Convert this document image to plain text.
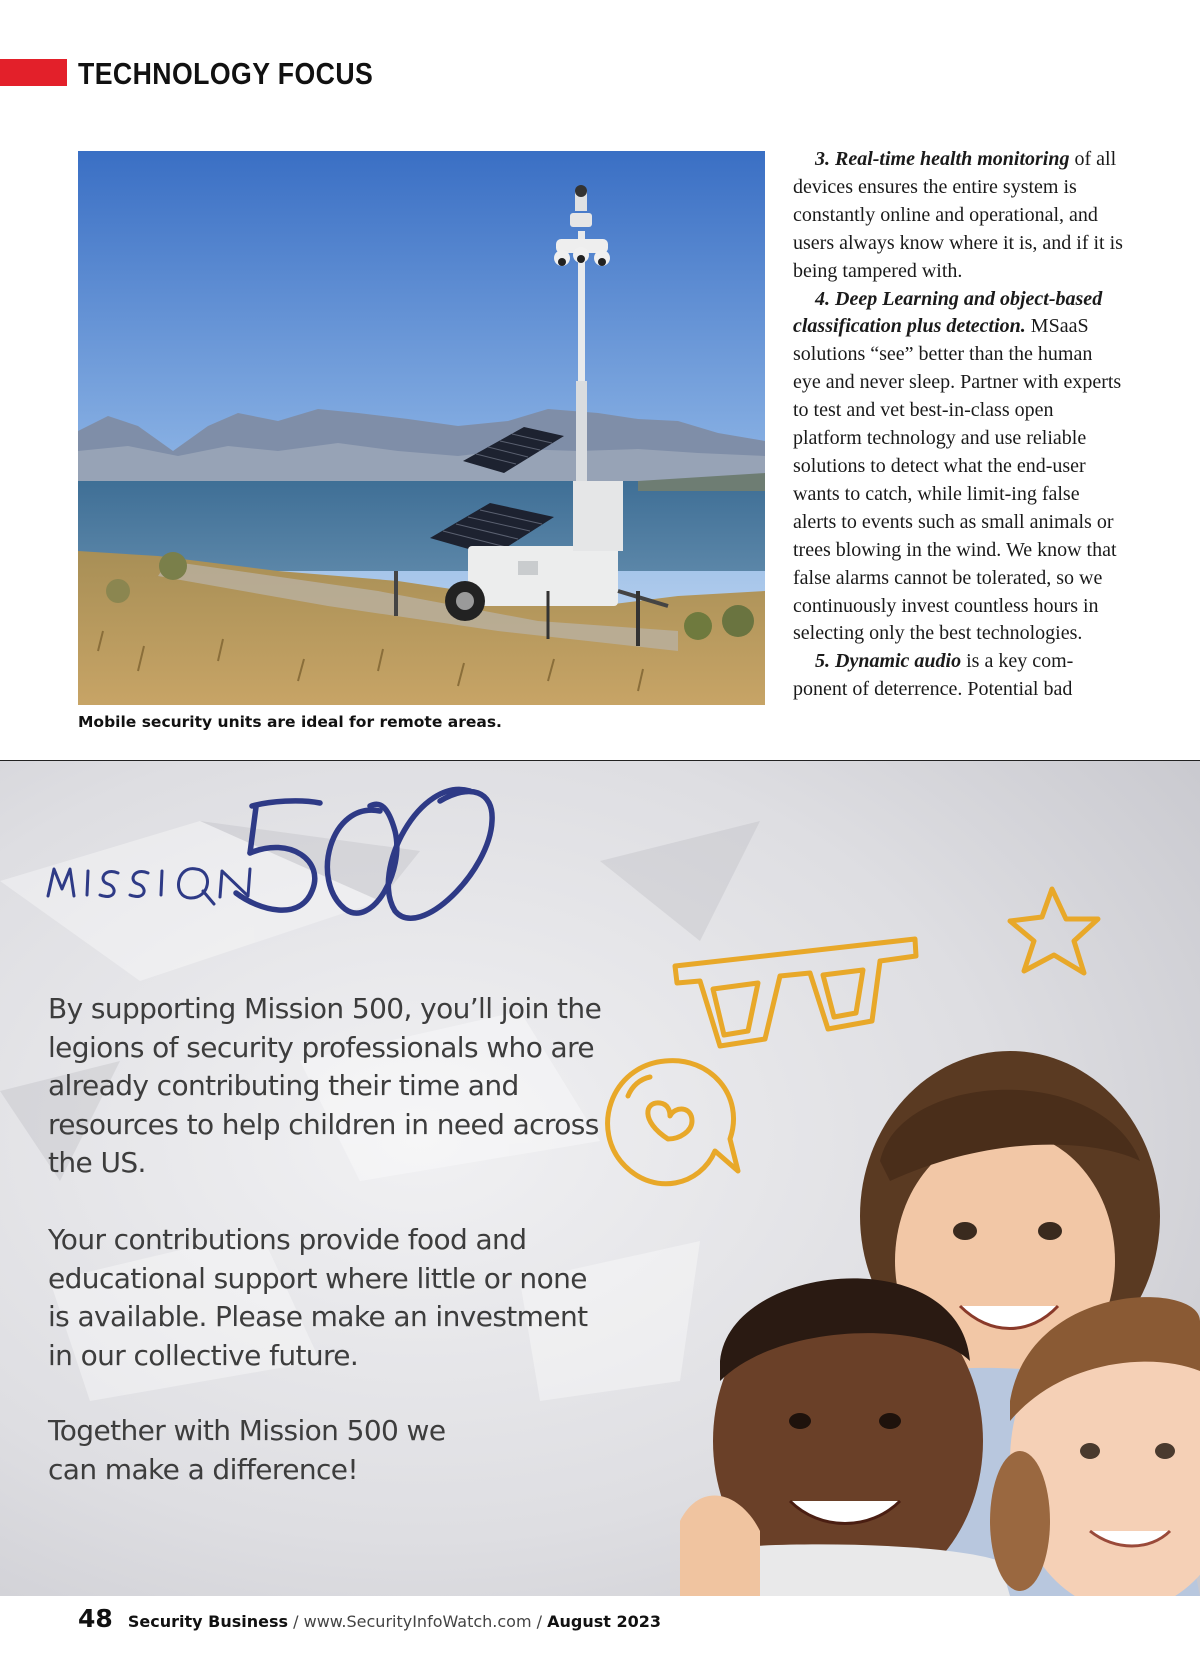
TECHNOLOGY FOCUS
Mobile security units are ideal for remote areas.

3. Real-time health monitoring of all devices ensures the entire system is constantly online and operational, and users always know where it is, and if it is being tampered with.

4. Deep Learning and object-based classification plus detection. MSaaS solutions “see” better than the human eye and never sleep. Partner with experts to test and vet best-in-class open platform technology and use reliable solutions to detect what the end-user wants to catch, while limit-ing false alerts to events such as small animals or trees blowing in the wind. We know that false alarms cannot be tolerated, so we continuously invest countless hours in selecting only the best technologies.

5. Dynamic audio is a key com-ponent of deterrence. Potential bad

By supporting Mission 500, you’ll join the legions of security professionals who are already contributing their time and resources to help children in need across the US.
Your contributions provide food and educational support where little or none is available. Please make an investment in our collective future.
Together with Mission 500 we can make a difference!
48 Security Business / www.SecurityInfoWatch.com / August 2023
